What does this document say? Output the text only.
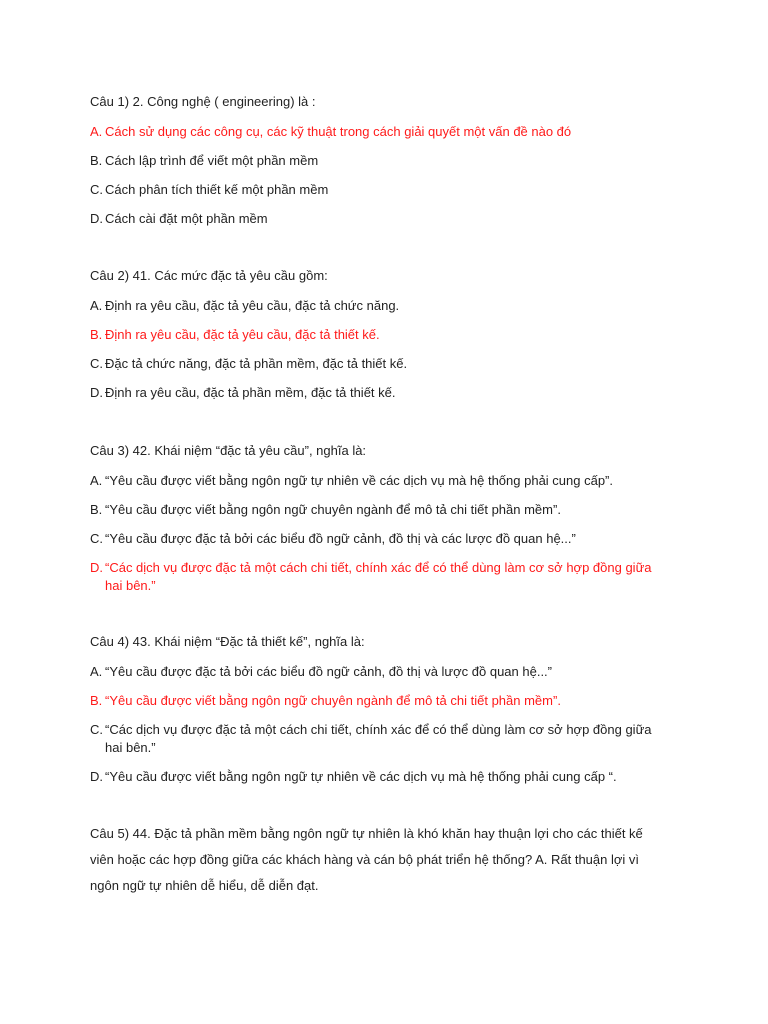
Câu 1) 2. Công nghệ ( engineering) là :
A. Cách sử dụng các công cụ, các kỹ thuật trong cách giải quyết một vấn đề nào đó
B. Cách lập trình để viết một phần mềm
C. Cách phân tích thiết kế một phần mềm
D. Cách cài đặt một phần mềm
Câu 2) 41. Các mức đặc tả yêu cầu gồm:
A. Định ra yêu cầu, đặc tả yêu cầu, đặc tả chức năng.
B. Định ra yêu cầu, đặc tả yêu cầu, đặc tả thiết kế.
C. Đặc tả chức năng, đặc tả phần mềm, đặc tả thiết kế.
D. Định ra yêu cầu, đặc tả phần mềm, đặc tả thiết kế.
Câu 3) 42. Khái niệm “đặc tả yêu cầu”, nghĩa là:
A. “Yêu cầu được viết bằng ngôn ngữ tự nhiên về các dịch vụ mà hệ thống phải cung cấp”.
B. “Yêu cầu được viết bằng ngôn ngữ chuyên ngành để mô tả chi tiết phần mềm”.
C. “Yêu cầu được đặc tả bởi các biểu đồ ngữ cảnh, đồ thị và các lược đồ quan hệ...”
D. “Các dịch vụ được đặc tả một cách chi tiết, chính xác để có thể dùng làm cơ sở hợp đồng giữa hai bên.”
Câu 4) 43. Khái niệm “Đặc tả thiết kế”, nghĩa là:
A. “Yêu cầu được đặc tả bởi các biểu đồ ngữ cảnh, đồ thị và lược đồ quan hệ...”
B. “Yêu cầu được viết bằng ngôn ngữ chuyên ngành để mô tả chi tiết phần mềm”.
C. “Các dịch vụ được đặc tả một cách chi tiết, chính xác để có thể dùng làm cơ sở hợp đồng giữa hai bên.”
D. “Yêu cầu được viết bằng ngôn ngữ tự nhiên về các dịch vụ mà hệ thống phải cung cấp “.
Câu 5) 44. Đặc tả phần mềm bằng ngôn ngữ tự nhiên là khó khăn hay thuận lợi cho các thiết kế viên hoặc các hợp đồng giữa các khách hàng và cán bộ phát triển hệ thống? A. Rất thuận lợi vì ngôn ngữ tự nhiên dễ hiểu, dễ diễn đạt.
